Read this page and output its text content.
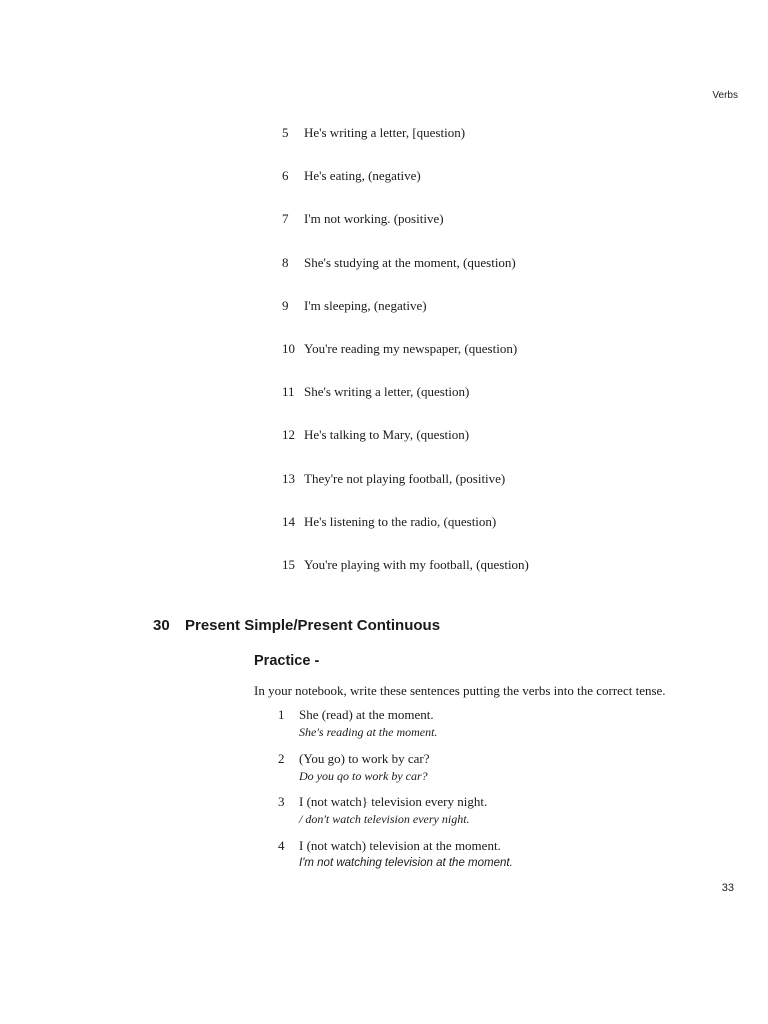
Verbs
5 He's writing a letter, [question)
6 He's eating, (negative)
7 I'm not working. (positive)
8 She's studying at the moment, (question)
9 I'm sleeping, (negative)
10 You're reading my newspaper, (question)
11 She's writing a letter, (question)
12 He's talking to Mary, (question)
13 They're not playing football, (positive)
14 He's listening to the radio, (question)
15 You're playing with my football, (question)
30 Present Simple/Present Continuous
Practice -
In your notebook, write these sentences putting the verbs into the correct tense.
1 She (read) at the moment.
She's reading at the moment.
2 (You go) to work by car?
Do you qo to work by car?
3 I (not watch} television every night.
/ don't watch television every night.
4 I (not watch) television at the moment.
I'm not watching television at the moment.
33
